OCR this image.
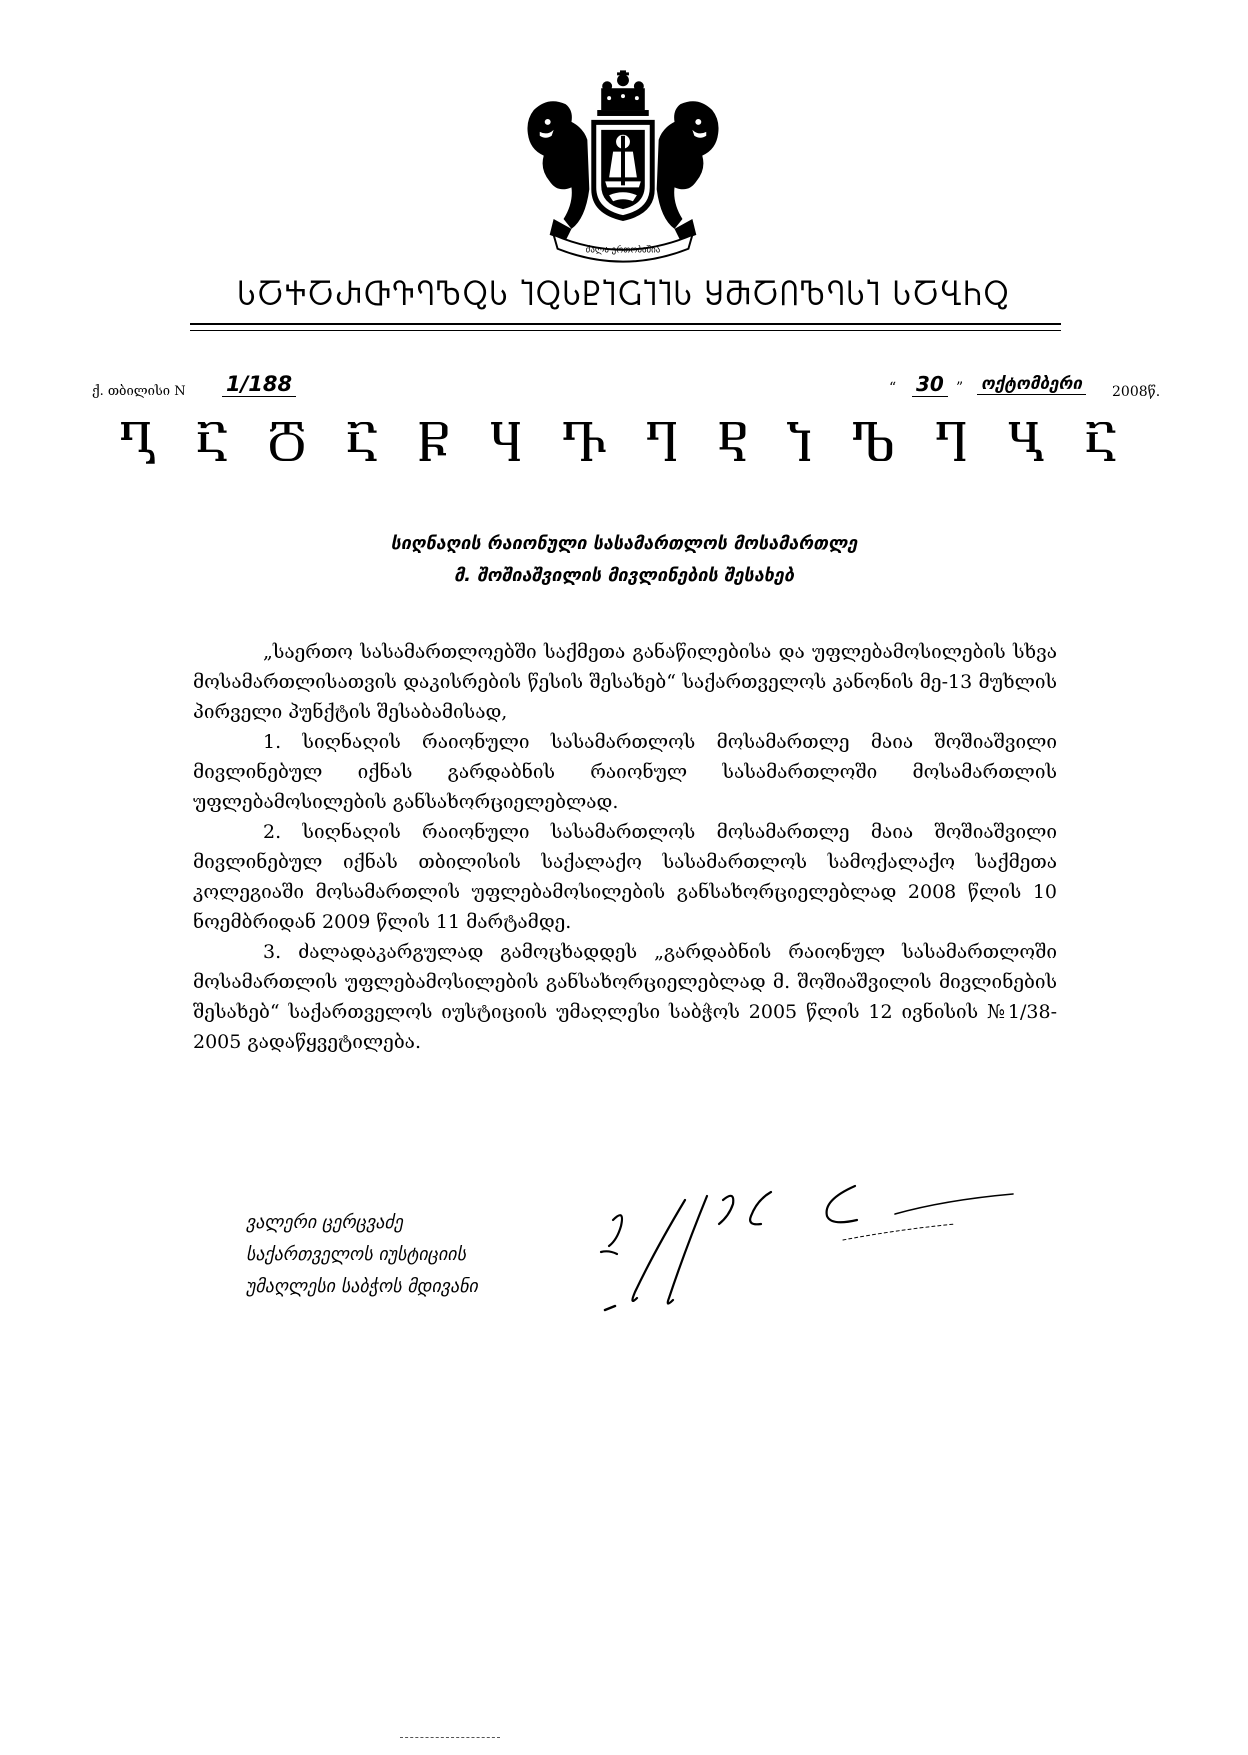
ძალა ერთობაშია
ႱႠႵႠႰႧႥႤႪႭႱ ႨႭႱႲႨႺႨႨႱ ႸႫႠႶႪႤႱႨ ႱႠႡႹႭ
ქ. თბილისი N 1/188	“ 30 ” ოქტომბერი 2008წ.
Ⴂ Ⴀ Ⴃ Ⴀ Ⴜ Ⴗ Ⴅ Ⴄ Ⴒ Ⴈ Ⴊ Ⴄ Ⴁ Ⴀ
სიღნაღის რაიონული სასამართლოს მოსამართლე
მ. შოშიაშვილის მივლინების შესახებ

„საერთო სასამართლოებში საქმეთა განაწილებისა და უფლებამოსილების სხვა მოსამართლისათვის დაკისრების წესის შესახებ“ საქართველოს კანონის მე-13 მუხლის პირველი პუნქტის შესაბამისად,

1. სიღნაღის რაიონული სასამართლოს მოსამართლე მაია შოშიაშვილი მივლინებულ იქნას გარდაბნის რაიონულ სასამართლოში მოსამართლის უფლებამოსილების განსახორციელებლად.

2. სიღნაღის რაიონული სასამართლოს მოსამართლე მაია შოშიაშვილი მივლინებულ იქნას თბილისის საქალაქო სასამართლოს სამოქალაქო საქმეთა კოლეგიაში მოსამართლის უფლებამოსილების განსახორციელებლად 2008 წლის 10 ნოემბრიდან 2009 წლის 11 მარტამდე.

3. ძალადაკარგულად გამოცხადდეს „გარდაბნის რაიონულ სასამართლოში მოსამართლის უფლებამოსილების განსახორციელებლად მ. შოშიაშვილის მივლინების შესახებ“ საქართველოს იუსტიციის უმაღლესი საბჭოს 2005 წლის 12 ივნისის №1/38-2005 გადაწყვეტილება.

ვალერი ცერცვაძე
საქართველოს იუსტიციის
უმაღლესი საბჭოს მდივანი
